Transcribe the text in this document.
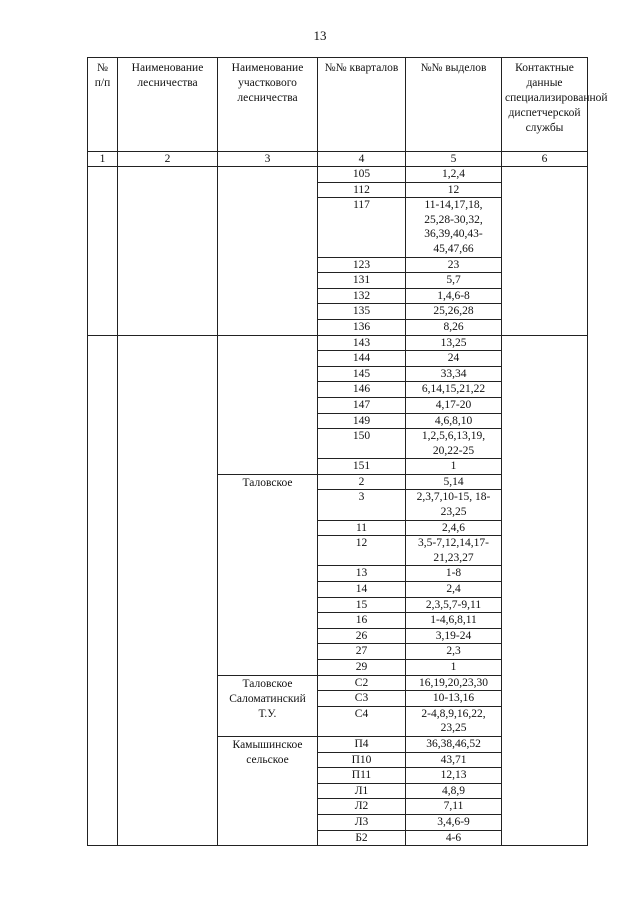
13
№ п/п	Наименование лесничества	Наименование участкового лесничества	№№ кварталов	№№ выделов	Контактные данные специализированной диспетчерской службы
1	2	3	4	5	6
			105	1,2,4	
			112	12	
			117	11-14,17,18, 25,28-30,32, 36,39,40,43- 45,47,66	
			123	23	
			131	5,7	
			132	1,4,6-8	
			135	25,26,28	
			136	8,26	
			143	13,25	
			144	24	
			145	33,34	
			146	6,14,15,21,22	
			147	4,17-20	
			149	4,6,8,10	
			150	1,2,5,6,13,19, 20,22-25	
			151	1	
		Таловское	2	5,14	
			3	2,3,7,10-15, 18- 23,25	
			11	2,4,6	
			12	3,5-7,12,14,17- 21,23,27	
			13	1-8	
			14	2,4	
			15	2,3,5,7-9,11	
			16	1-4,6,8,11	
			26	3,19-24	
			27	2,3	
			29	1	
		Таловское Саломатинский Т.У.	С2	16,19,20,23,30	
			С3	10-13,16	
			С4	2-4,8,9,16,22, 23,25	
		Камышинское сельское	П4	36,38,46,52	
			П10	43,71	
			П11	12,13	
			Л1	4,8,9	
			Л2	7,11	
			Л3	3,4,6-9	
			Б2	4-6	
